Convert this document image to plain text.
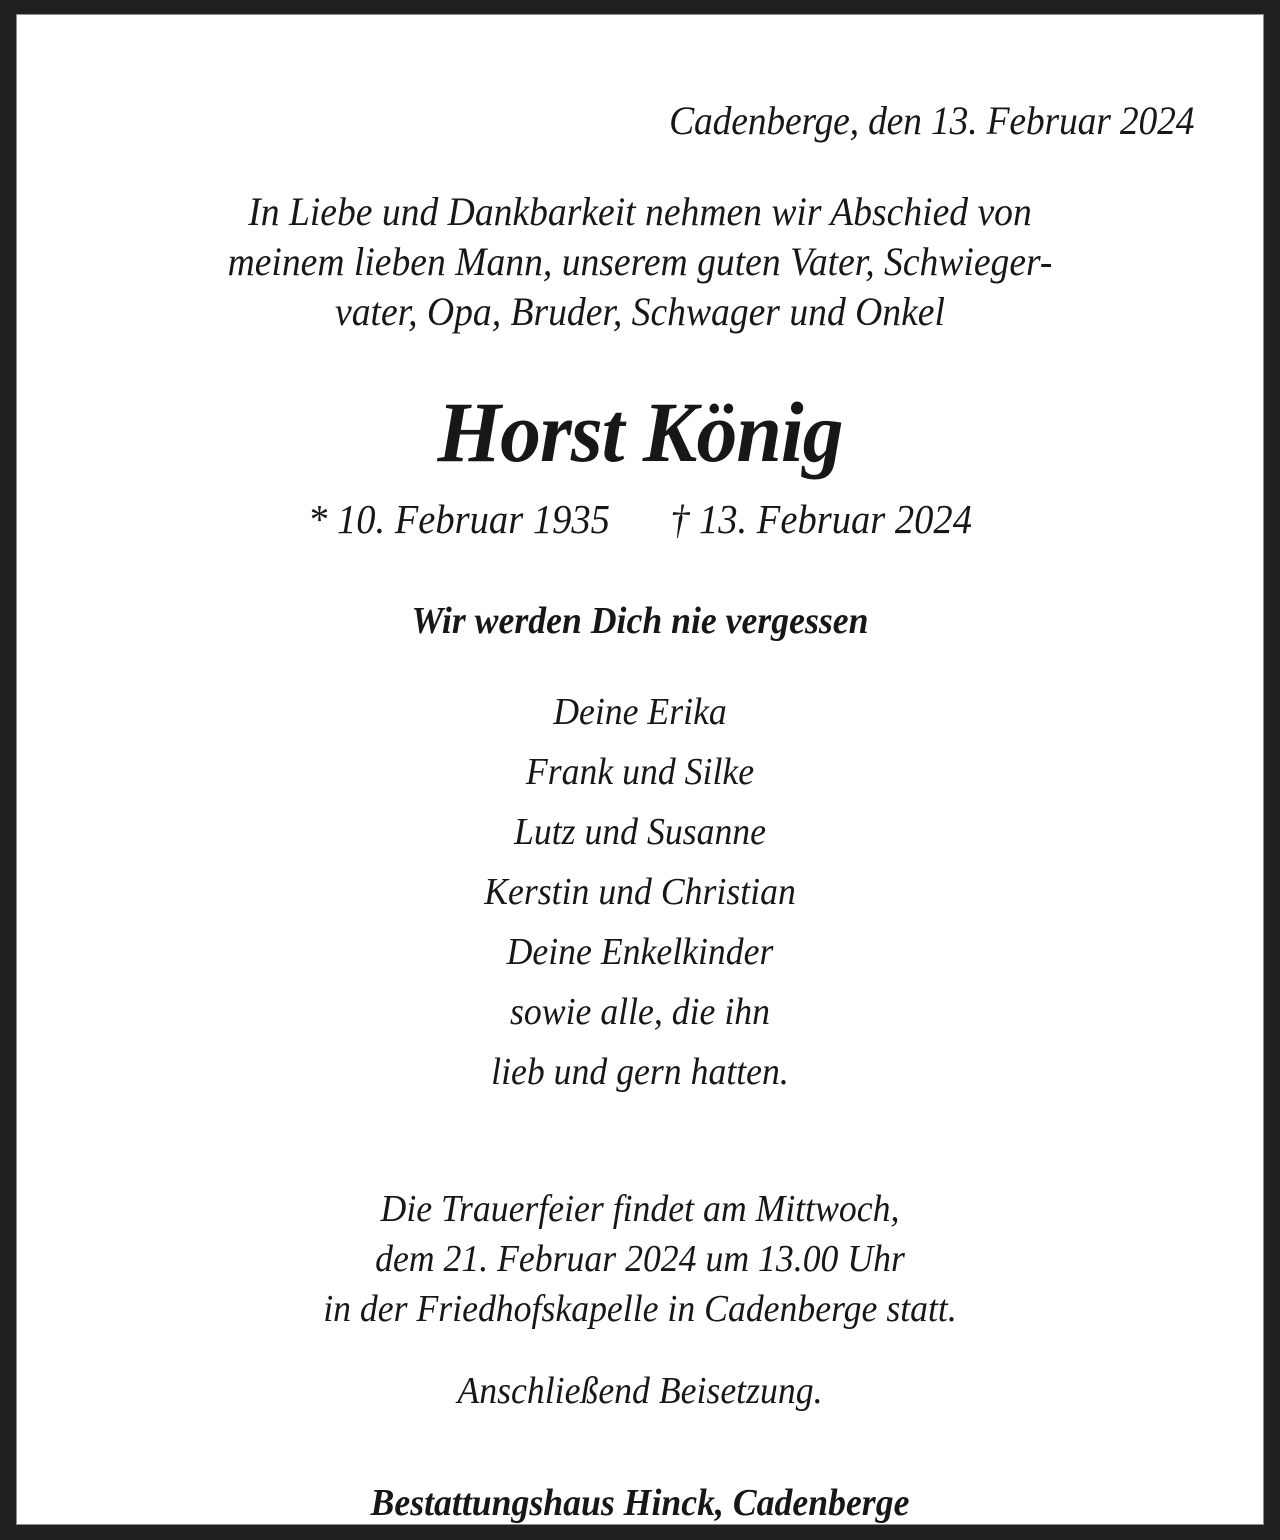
Cadenberge, den 13. Februar 2024
In Liebe und Dankbarkeit nehmen wir Abschied von
meinem lieben Mann, unserem guten Vater, Schwieger-
vater, Opa, Bruder, Schwager und Onkel
Horst König
* 10. Februar 1935 † 13. Februar 2024
Wir werden Dich nie vergessen
Deine Erika
Frank und Silke
Lutz und Susanne
Kerstin und Christian
Deine Enkelkinder
sowie alle, die ihn
lieb und gern hatten.
Die Trauerfeier findet am Mittwoch,
dem 21. Februar 2024 um 13.00 Uhr
in der Friedhofskapelle in Cadenberge statt.
Anschließend Beisetzung.
Bestattungshaus Hinck, Cadenberge
